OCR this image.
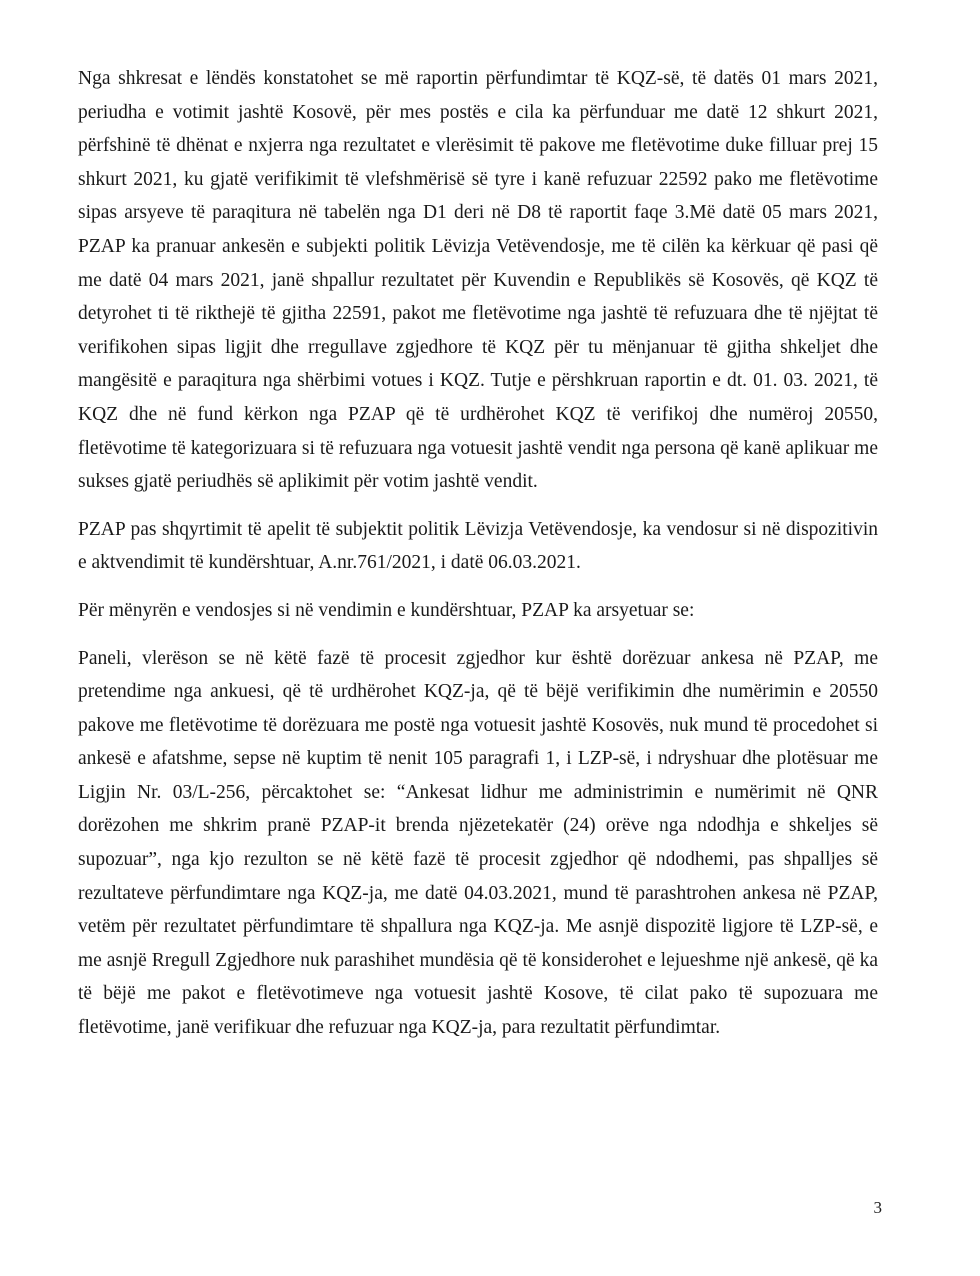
Nga shkresat e lëndës konstatohet se më raportin përfundimtar të KQZ-së, të datës 01 mars 2021, periudha e votimit jashtë Kosovë, për mes postës e cila ka përfunduar me datë 12 shkurt 2021, përfshinë të dhënat e nxjerra nga rezultatet e vlerësimit të pakove me fletëvotime duke filluar prej 15 shkurt 2021, ku gjatë verifikimit të vlefshmërisë së tyre i kanë refuzuar 22592 pako me fletëvotime sipas arsyeve të paraqitura në tabelën nga D1 deri në D8 të raportit faqe 3.Më datë 05 mars 2021, PZAP ka pranuar ankesën e subjekti politik Lëvizja Vetëvendosje, me të cilën ka kërkuar që pasi që me datë 04 mars 2021, janë shpallur rezultatet për Kuvendin e Republikës së Kosovës, që KQZ të detyrohet ti të rikthejë të gjitha 22591, pakot me fletëvotime nga jashtë të refuzuara dhe të njëjtat të verifikohen sipas ligjit dhe rregullave zgjedhore të KQZ për tu mënjanuar të gjitha shkeljet dhe mangësitë e paraqitura nga shërbimi votues i KQZ. Tutje e përshkruan raportin e dt. 01. 03. 2021, të KQZ dhe në fund kërkon nga PZAP që të urdhërohet KQZ të verifikoj dhe numëroj 20550, fletëvotime të kategorizuara si të refuzuara nga votuesit jashtë vendit nga persona që kanë aplikuar me sukses gjatë periudhës së aplikimit për votim jashtë vendit.

PZAP pas shqyrtimit të apelit të subjektit politik Lëvizja Vetëvendosje, ka vendosur si në dispozitivin e aktvendimit të kundërshtuar, A.nr.761/2021, i datë 06.03.2021.

Për mënyrën e vendosjes si në vendimin e kundërshtuar, PZAP ka arsyetuar se:

Paneli, vlerëson se në këtë fazë të procesit zgjedhor kur është dorëzuar ankesa në PZAP, me pretendime nga ankuesi, që të urdhërohet KQZ-ja, që të bëjë verifikimin dhe numërimin e 20550 pakove me fletëvotime të dorëzuara me postë nga votuesit jashtë Kosovës, nuk mund të procedohet si ankesë e afatshme, sepse në kuptim të nenit 105 paragrafi 1, i LZP-së, i ndryshuar dhe plotësuar me Ligjin Nr. 03/L-256, përcaktohet se: “Ankesat lidhur me administrimin e numërimit në QNR dorëzohen me shkrim pranë PZAP-it brenda njëzetekatër (24) orëve nga ndodhja e shkeljes së supozuar”, nga kjo rezulton se në këtë fazë të procesit zgjedhor që ndodhemi, pas shpalljes së rezultateve përfundimtare nga KQZ-ja, me datë 04.03.2021, mund të parashtrohen ankesa në PZAP, vetëm për rezultatet përfundimtare të shpallura nga KQZ-ja. Me asnjë dispozitë ligjore të LZP-së, e me asnjë Rregull Zgjedhore nuk parashihet mundësia që të konsiderohet e lejueshme një ankesë, që ka të bëjë me pakot e fletëvotimeve nga votuesit jashtë Kosove, të cilat pako të supozuara me fletëvotime, janë verifikuar dhe refuzuar nga KQZ-ja, para rezultatit përfundimtar.

3
